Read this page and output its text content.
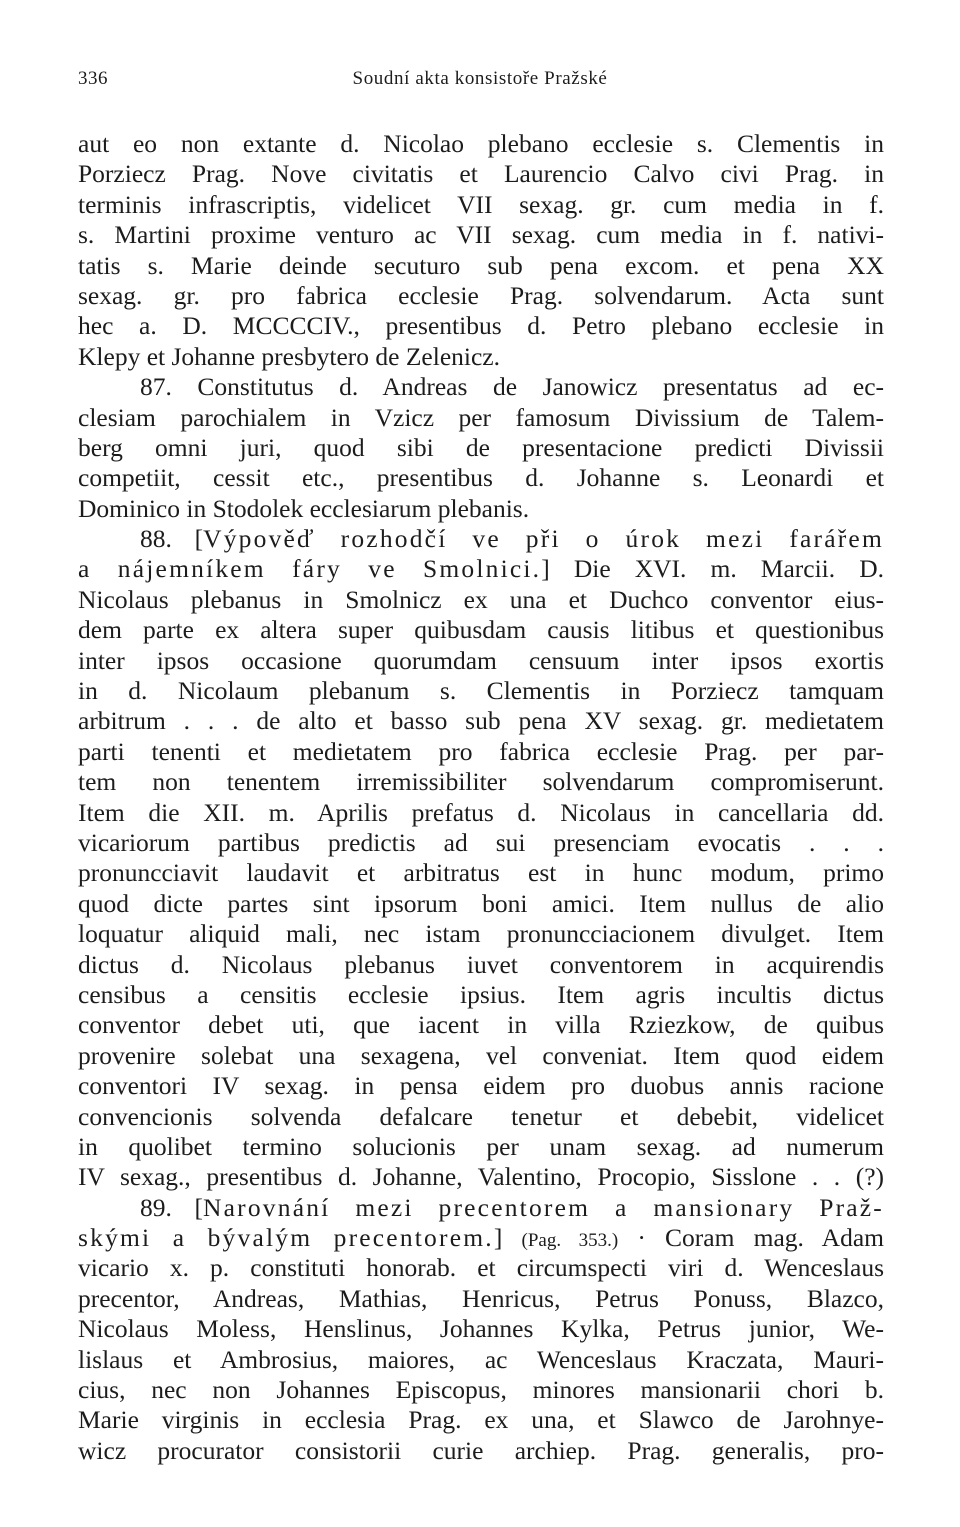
336	Soudní akta konsistoře Pražské
aut eo non extante d. Nicolao plebano ecclesie s. Clementis in
Porziecz Prag. Nove civitatis et Laurencio Calvo civi Prag. in
terminis infrascriptis, videlicet VII sexag. gr. cum media in f.
s. Martini proxime venturo ac VII sexag. cum media in f. nativi-
tatis s. Marie deinde secuturo sub pena excom. et pena XX
sexag. gr. pro fabrica ecclesie Prag. solvendarum. Acta sunt
hec a. D. MCCCCIV., presentibus d. Petro plebano ecclesie in
Klepy et Johanne presbytero de Zelenicz.
87. Constitutus d. Andreas de Janowicz presentatus ad ec-
clesiam parochialem in Vzicz per famosum Divissium de Talem-
berg omni juri, quod sibi de presentacione predicti Divissii
competiit, cessit etc., presentibus d. Johanne s. Leonardi et
Dominico in Stodolek ecclesiarum plebanis.
88. [Výpověď rozhodčí ve při o úrok mezi farářem
a nájemníkem fáry ve Smolnici.] Die XVI. m. Marcii. D.
Nicolaus plebanus in Smolnicz ex una et Duchco conventor eius-
dem parte ex altera super quibusdam causis litibus et questionibus
inter ipsos occasione quorumdam censuum inter ipsos exortis
in d. Nicolaum plebanum s. Clementis in Porziecz tamquam
arbitrum . . . de alto et basso sub pena XV sexag. gr. medietatem
parti tenenti et medietatem pro fabrica ecclesie Prag. per par-
tem non tenentem irremissibiliter solvendarum compromiserunt.
Item die XII. m. Aprilis prefatus d. Nicolaus in cancellaria dd.
vicariorum partibus predictis ad sui presenciam evocatis . . .
pronuncciavit laudavit et arbitratus est in hunc modum, primo
quod dicte partes sint ipsorum boni amici. Item nullus de alio
loquatur aliquid mali, nec istam pronuncciacionem divulget. Item
dictus d. Nicolaus plebanus iuvet conventorem in acquirendis
censibus a censitis ecclesie ipsius. Item agris incultis dictus
conventor debet uti, que iacent in villa Rziezkow, de quibus
provenire solebat una sexagena, vel conveniat. Item quod eidem
conventori IV sexag. in pensa eidem pro duobus annis racione
convencionis solvenda defalcare tenetur et debebit, videlicet
in quolibet termino solucionis per unam sexag. ad numerum
IV sexag., presentibus d. Johanne, Valentino, Procopio, Sisslone . . (?)
89. [Narovnání mezi precentorem a mansionary Praž-
skými a bývalým precentorem.] (Pag. 353.) · Coram mag. Adam
vicario x. p. constituti honorab. et circumspecti viri d. Wenceslaus
precentor, Andreas, Mathias, Henricus, Petrus Ponuss, Blazco,
Nicolaus Moless, Henslinus, Johannes Kylka, Petrus junior, We-
lislaus et Ambrosius, maiores, ac Wenceslaus Kraczata, Mauri-
cius, nec non Johannes Episcopus, minores mansionarii chori b.
Marie virginis in ecclesia Prag. ex una, et Slawco de Jarohnye-
wicz procurator consistorii curie archiep. Prag. generalis, pro-
